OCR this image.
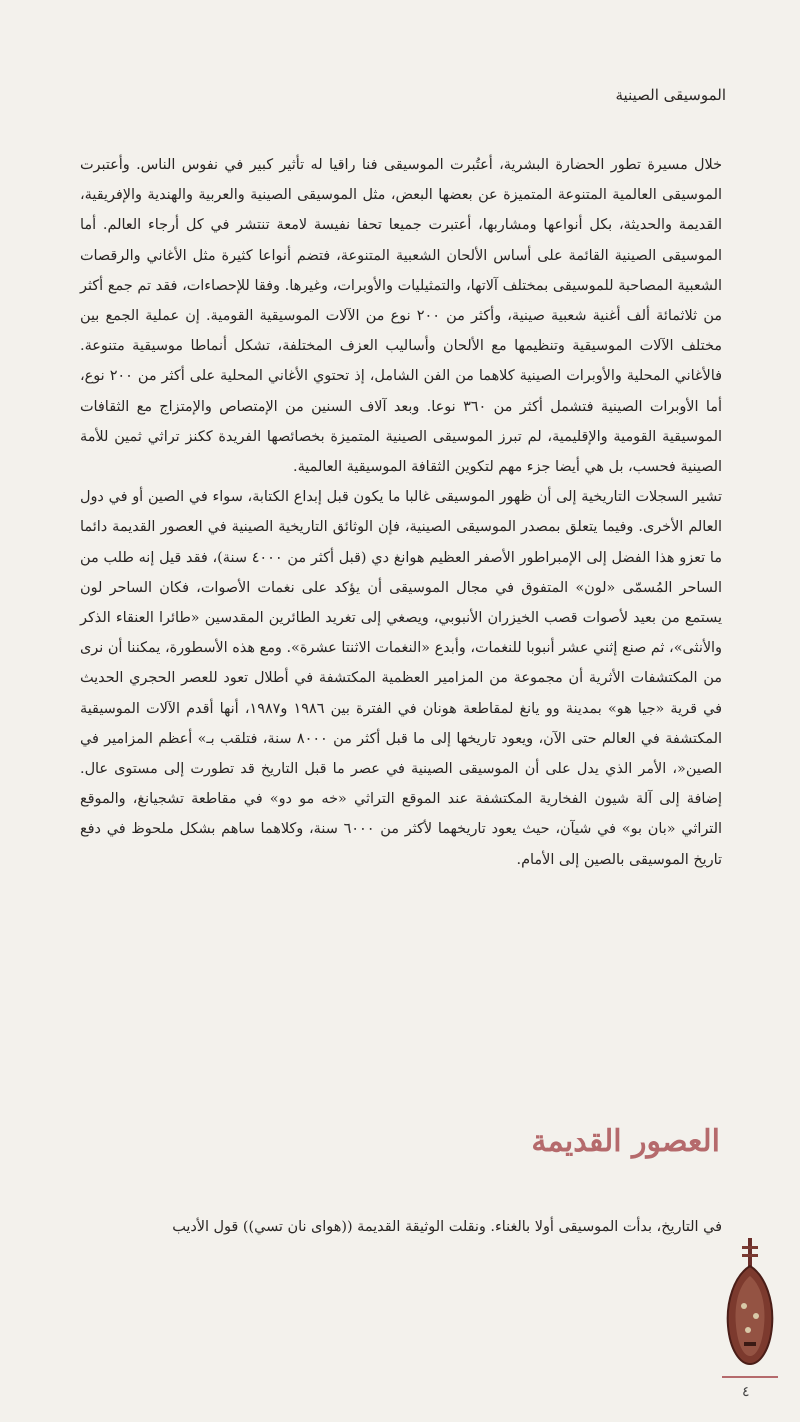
الموسيقى الصينية

خلال مسيرة تطور الحضارة البشرية، أعتُبرت الموسيقى فنا راقيا له تأثير كبير في نفوس الناس. وأعتبرت الموسيقى العالمية المتنوعة المتميزة عن بعضها البعض، مثل الموسيقى الصينية والعربية والهندية والإفريقية، القديمة والحديثة، بكل أنواعها ومشاربها، أعتبرت جميعا تحفا نفيسة لامعة تنتشر في كل أرجاء العالم. أما الموسيقى الصينية القائمة على أساس الألحان الشعبية المتنوعة، فتضم أنواعا كثيرة مثل الأغاني والرقصات الشعبية المصاحبة للموسيقى بمختلف آلاتها، والتمثيليات والأوبرات، وغيرها. وفقا للإحصاءات، فقد تم جمع أكثر من ثلاثمائة ألف أغنية شعبية صينية، وأكثر من ٢٠٠ نوع من الآلات الموسيقية القومية. إن عملية الجمع بين مختلف الآلات الموسيقية وتنظيمها مع الألحان وأساليب العزف المختلفة، تشكل أنماطا موسيقية متنوعة. فالأغاني المحلية والأوبرات الصينية كلاهما من الفن الشامل، إذ تحتوي الأغاني المحلية على أكثر من ٢٠٠ نوع، أما الأوبرات الصينية فتشمل أكثر من ٣٦٠ نوعا. وبعد آلاف السنين من الإمتصاص والإمتزاج مع الثقافات الموسيقية القومية والإقليمية، لم تبرز الموسيقى الصينية المتميزة بخصائصها الفريدة ككنز تراثي ثمين للأمة الصينية فحسب، بل هي أيضا جزء مهم لتكوين الثقافة الموسيقية العالمية.

تشير السجلات التاريخية إلى أن ظهور الموسيقى غالبا ما يكون قبل إبداع الكتابة، سواء في الصين أو في دول العالم الأخرى. وفيما يتعلق بمصدر الموسيقى الصينية، فإن الوثائق التاريخية الصينية في العصور القديمة دائما ما تعزو هذا الفضل إلى الإمبراطور الأصفر العظيم هوانغ دي (قبل أكثر من ٤٠٠٠ سنة)، فقد قيل إنه طلب من الساحر المُسمّى «لون» المتفوق في مجال الموسيقى أن يؤكد على نغمات الأصوات، فكان الساحر لون يستمع من بعيد لأصوات قصب الخيزران الأنبوبي، ويصغي إلى تغريد الطائرين المقدسين «طائرا العنقاء الذكر والأنثى»، ثم صنع إثني عشر أنبوبا للنغمات، وأبدع «النغمات الاثنتا عشرة». ومع هذه الأسطورة، يمكننا أن نرى من المكتشفات الأثرية أن مجموعة من المزامير العظمية المكتشفة في أطلال تعود للعصر الحجري الحديث في قرية «جيا هو» بمدينة وو يانغ لمقاطعة هونان في الفترة بين ١٩٨٦ و١٩٨٧، أنها أقدم الآلات الموسيقية المكتشفة في العالم حتى الآن، ويعود تاريخها إلى ما قبل أكثر من ٨٠٠٠ سنة، فتلقب بـ» أعظم المزامير في الصين«، الأمر الذي يدل على أن الموسيقى الصينية في عصر ما قبل التاريخ قد تطورت إلى مستوى عال. إضافة إلى آلة شيون الفخارية المكتشفة عند الموقع التراثي «خه مو دو» في مقاطعة تشجيانغ، والموقع التراثي «بان بو» في شيآن، حيث يعود تاريخهما لأكثر من ٦٠٠٠ سنة، وكلاهما ساهم بشكل ملحوظ في دفع تاريخ الموسيقى بالصين إلى الأمام.

العصور القديمة
في التاريخ، بدأت الموسيقى أولا بالغناء. ونقلت الوثيقة القديمة ((هواى نان تسي)) قول الأديب
٤
